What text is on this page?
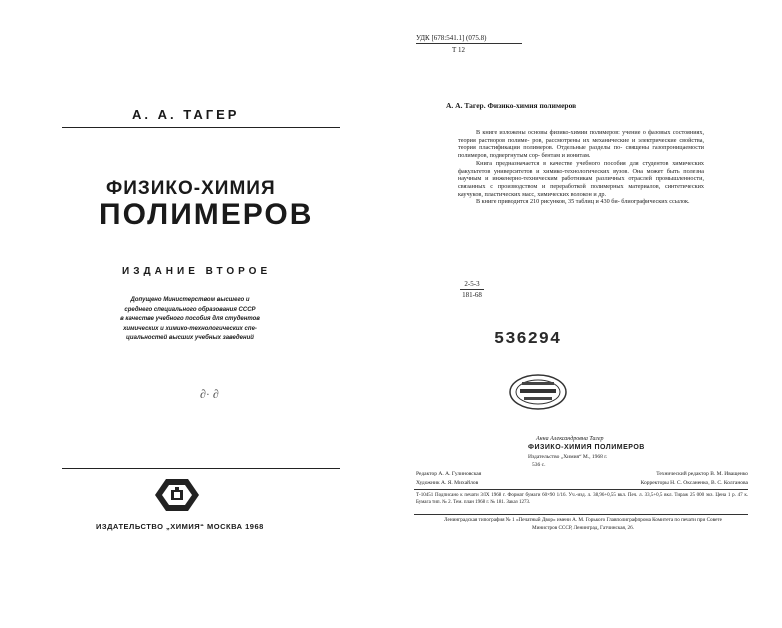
А. А. ТАГЕР
ФИЗИКО-ХИМИЯ
ПОЛИМЕРОВ
ИЗДАНИЕ ВТОРОЕ
Допущено Министерством высшего и
среднего специального образования СССР
в качестве учебного пособия для студентов
химических и химико-технологических спе-
циальностей высших учебных заведений
∂· ∂
ИЗДАТЕЛЬСТВО „ХИМИЯ“ МОСКВА 1968
УДК [678:541.1] (075.8)
Т 12
А. А. Тагер. Физико-химия полимеров

В книге изложены основы физико-химии полимеров: учение о фазовых состояниях, теория растворов полиме- ров, рассмотрены их механические и электрические свойства, теория пластификации полимеров. Отдельные разделы по- священы газопроницаемости полимеров, подвергнутым сор- бентам и ионитам.

Книга предназначается в качестве учебного пособия для студентов химических факультетов университетов и химико-технологических вузов. Она может быть полезна научным и инженерно-техническим работникам различных отраслей промышленности, связанных с производством и переработкой полимерных материалов, синтетических каучуков, пластических масс, химических волокон и др.

В книге приводится 210 рисунков, 35 таблиц и 430 би- блиографических ссылок.

2-5-3
181-68
536294
Анна Александровна Тагер
ФИЗИКО-ХИМИЯ ПОЛИМЕРОВ
Издательство „Химия“ М., 1968 г.
536 с.
Редактор А. А. Гулиновская
Художник А. Я. Михайлов
Технический редактор В. М. Иващенко
Корректоры Н. С. Оксаненко, В. С. Колганова
Т-10451 Подписано к печати 3/IX 1968 г. Формат бумаги 60×90 1/16. Уч.-изд. л. 38,96+0,55 вкл. Печ. л. 33,5+0,5 вкл. Тираж 25 000 экз. Цена 1 р. 47 к. Бумага тип. № 2. Тем. план 1968 г. № 181. Заказ 1273.
Ленинградская типография № 1 «Печатный Двор» имени А. М. Горького Главполиграфпрома Комитета по печати при Совете Министров СССР, Ленинград, Гатчинская, 26.
